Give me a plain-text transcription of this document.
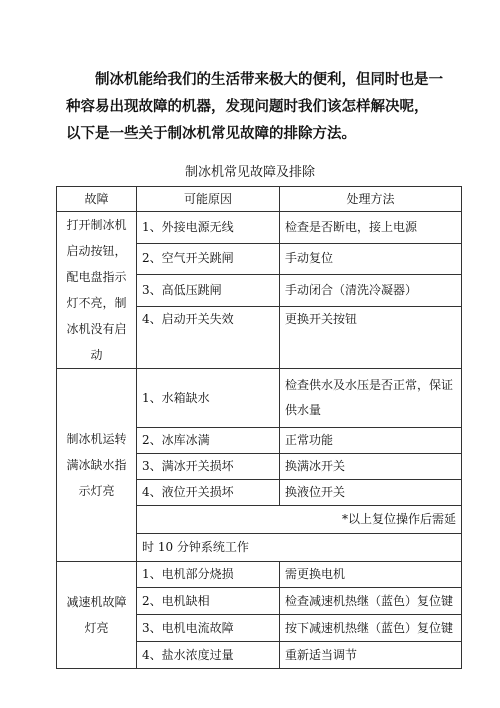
制冰机能给我们的生活带来极大的便利，但同时也是一
种容易出现故障的机器，发现问题时我们该怎样解决呢，
以下是一些关于制冰机常见故障的排除方法。
制冰机常见故障及排除
故障	可能原因	处理方法
打开制冰机启动按钮，配电盘指示灯不亮，制冰机没有启动	1、外接电源无线	检查是否断电，接上电源
	2、空气开关跳闸	手动复位
	3、高低压跳闸	手动闭合（清洗冷凝器）
	4、启动开关失效	更换开关按钮
制冰机运转满冰缺水指示灯亮	1、水箱缺水	检查供水及水压是否正常，保证供水量
	2、冰库冰满	正常功能
	3、满冰开关损坏	换满冰开关
	4、液位开关损坏	换液位开关
	*以上复位操作后需延	
	时 10 分钟系统工作	
减速机故障灯亮	1、电机部分烧损	需更换电机
	2、电机缺相	检查减速机热继（蓝色）复位键
	3、电机电流故障	按下减速机热继（蓝色）复位键
	4、盐水浓度过量	重新适当调节
